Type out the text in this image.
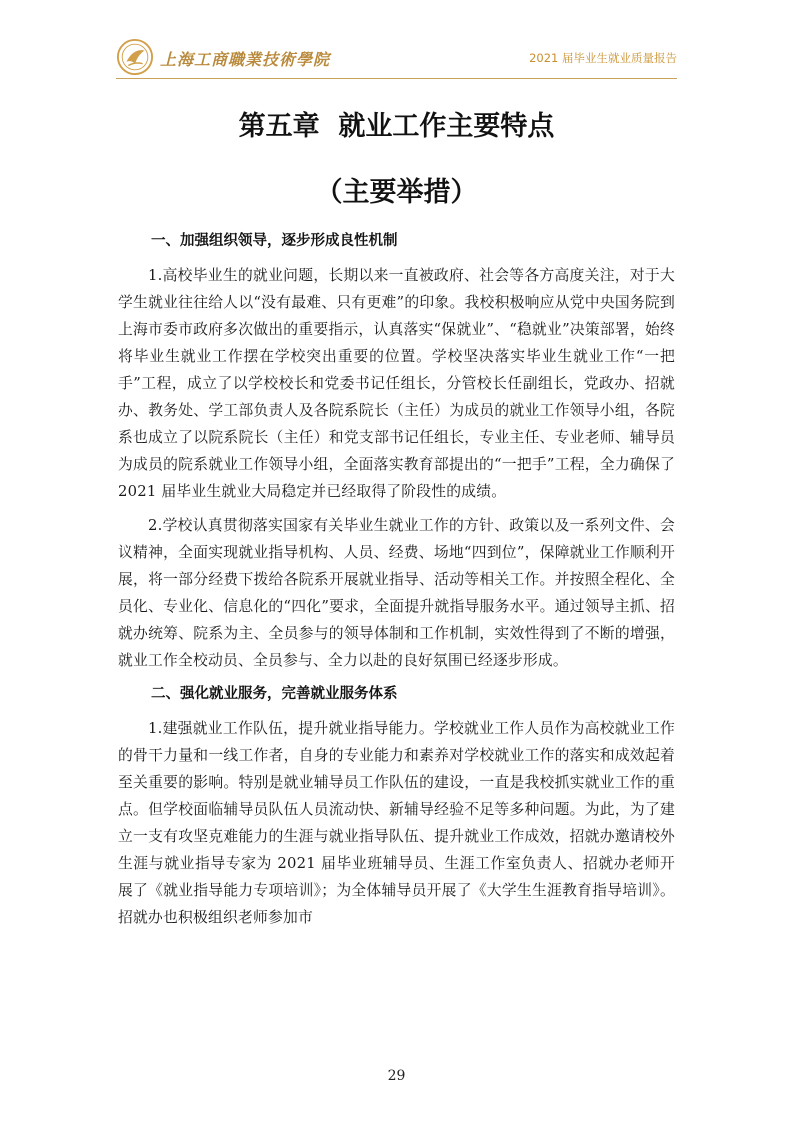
上海工商職業技術學院	2021 届毕业生就业质量报告
第五章  就业工作主要特点
（主要举措）
一、加强组织领导，逐步形成良性机制

1.高校毕业生的就业问题，长期以来一直被政府、社会等各方高度关注，对于大学生就业往往给人以“没有最难、只有更难”的印象。我校积极响应从党中央国务院到上海市委市政府多次做出的重要指示，认真落实“保就业”、“稳就业”决策部署，始终将毕业生就业工作摆在学校突出重要的位置。学校坚决落实毕业生就业工作“一把手”工程，成立了以学校校长和党委书记任组长，分管校长任副组长，党政办、招就办、教务处、学工部负责人及各院系院长（主任）为成员的就业工作领导小组，各院系也成立了以院系院长（主任）和党支部书记任组长，专业主任、专业老师、辅导员为成员的院系就业工作领导小组，全面落实教育部提出的“一把手”工程，全力确保了 2021 届毕业生就业大局稳定并已经取得了阶段性的成绩。

2.学校认真贯彻落实国家有关毕业生就业工作的方针、政策以及一系列文件、会议精神，全面实现就业指导机构、人员、经费、场地“四到位”，保障就业工作顺利开展，将一部分经费下拨给各院系开展就业指导、活动等相关工作。并按照全程化、全员化、专业化、信息化的“四化”要求，全面提升就指导服务水平。通过领导主抓、招就办统筹、院系为主、全员参与的领导体制和工作机制，实效性得到了不断的增强，就业工作全校动员、全员参与、全力以赴的良好氛围已经逐步形成。

二、强化就业服务，完善就业服务体系

1.建强就业工作队伍，提升就业指导能力。学校就业工作人员作为高校就业工作的骨干力量和一线工作者，自身的专业能力和素养对学校就业工作的落实和成效起着至关重要的影响。特别是就业辅导员工作队伍的建设，一直是我校抓实就业工作的重点。但学校面临辅导员队伍人员流动快、新辅导经验不足等多种问题。为此，为了建立一支有攻坚克难能力的生涯与就业指导队伍、提升就业工作成效，招就办邀请校外生涯与就业指导专家为 2021 届毕业班辅导员、生涯工作室负责人、招就办老师开展了《就业指导能力专项培训》；为全体辅导员开展了《大学生生涯教育指导培训》。招就办也积极组织老师参加市

29
